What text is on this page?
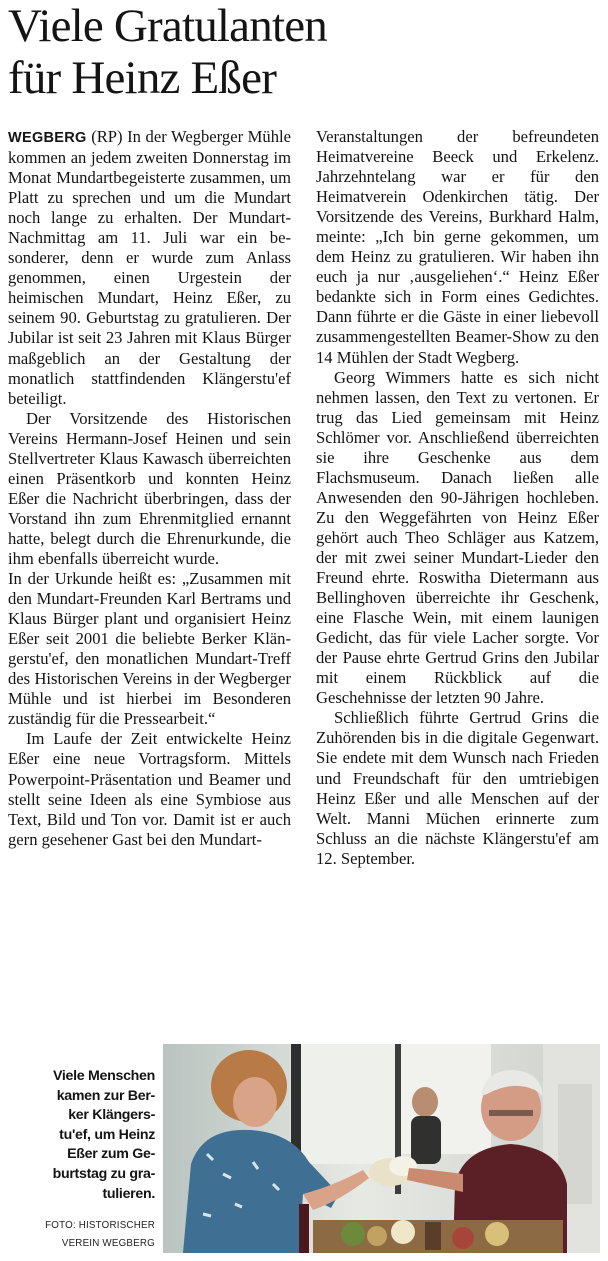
Viele Gratulanten
für Heinz Eßer

WEGBERG (RP) In der Wegberger Mühle kommen an jedem zweiten Donnerstag im Monat Mundartbegeisterte zusammen, um Platt zu sprechen und um die Mundart noch lange zu erhalten. Der Mundart-Nachmittag am 11. Juli war ein besonderer, denn er wurde zum Anlass genommen, einen Urgestein der heimischen Mundart, Heinz Eßer, zu seinem 90. Geburtstag zu gratulieren. Der Jubilar ist seit 23 Jahren mit Klaus Bürger maßgeblich an der Gestaltung der monatlich stattfindenden Klängerstu'ef beteiligt.

Der Vorsitzende des Historischen Vereins Hermann-Josef Heinen und sein Stellvertreter Klaus Kawasch überreichten einen Präsentkorb und konnten Heinz Eßer die Nachricht überbringen, dass der Vorstand ihn zum Ehrenmitglied ernannt hatte, belegt durch die Ehrenurkunde, die ihm ebenfalls überreicht wurde.

In der Urkunde heißt es: „Zusammen mit den Mundart-Freunden Karl Bertrams und Klaus Bürger plant und organisiert Heinz Eßer seit 2001 die beliebte Berker Klängerstu'ef, den monatlichen Mundart-Treff des Historischen Vereins in der Wegberger Mühle und ist hierbei im Besonderen zuständig für die Pressearbeit.“

Im Laufe der Zeit entwickelte Heinz Eßer eine neue Vortragsform. Mittels Powerpoint-Präsentation und Beamer und stellt seine Ideen als eine Symbiose aus Text, Bild und Ton vor. Damit ist er auch gern gesehener Gast bei den Mundart-

Veranstaltungen der befreundeten Heimatvereine Beeck und Erkelenz. Jahrzehntelang war er für den Heimatverein Odenkirchen tätig. Der Vorsitzende des Vereins, Burkhard Halm, meinte: „Ich bin gerne gekommen, um dem Heinz zu gratulieren. Wir haben ihn euch ja nur ‚ausgeliehen‘.“ Heinz Eßer bedankte sich in Form eines Gedichtes. Dann führte er die Gäste in einer liebevoll zusammengestellten Beamer-Show zu den 14 Mühlen der Stadt Wegberg.

Georg Wimmers hatte es sich nicht nehmen lassen, den Text zu vertonen. Er trug das Lied gemeinsam mit Heinz Schlömer vor. Anschließend überreichten sie ihre Geschenke aus dem Flachsmuseum. Danach ließen alle Anwesenden den 90-Jährigen hochleben. Zu den Weggefährten von Heinz Eßer gehört auch Theo Schläger aus Katzem, der mit zwei seiner Mundart-Lieder den Freund ehrte. Roswitha Dietermann aus Bellinghoven überreichte ihr Geschenk, eine Flasche Wein, mit einem launigen Gedicht, das für viele Lacher sorgte. Vor der Pause ehrte Gertrud Grins den Jubilar mit einem Rückblick auf die Geschehnisse der letzten 90 Jahre.

Schließlich führte Gertrud Grins die Zuhörenden bis in die digitale Gegenwart. Sie endete mit dem Wunsch nach Frieden und Freundschaft für den umtriebigen Heinz Eßer und alle Menschen auf der Welt. Manni Müchen erinnerte zum Schluss an die nächste Klängerstu'ef am 12. September.

Viele Menschen
kamen zur Ber-
ker Klängers-
tu'ef, um Heinz
Eßer zum Ge-
burtstag zu gra-
tulieren.
FOTO: HISTORISCHER
VEREIN WEGBERG
